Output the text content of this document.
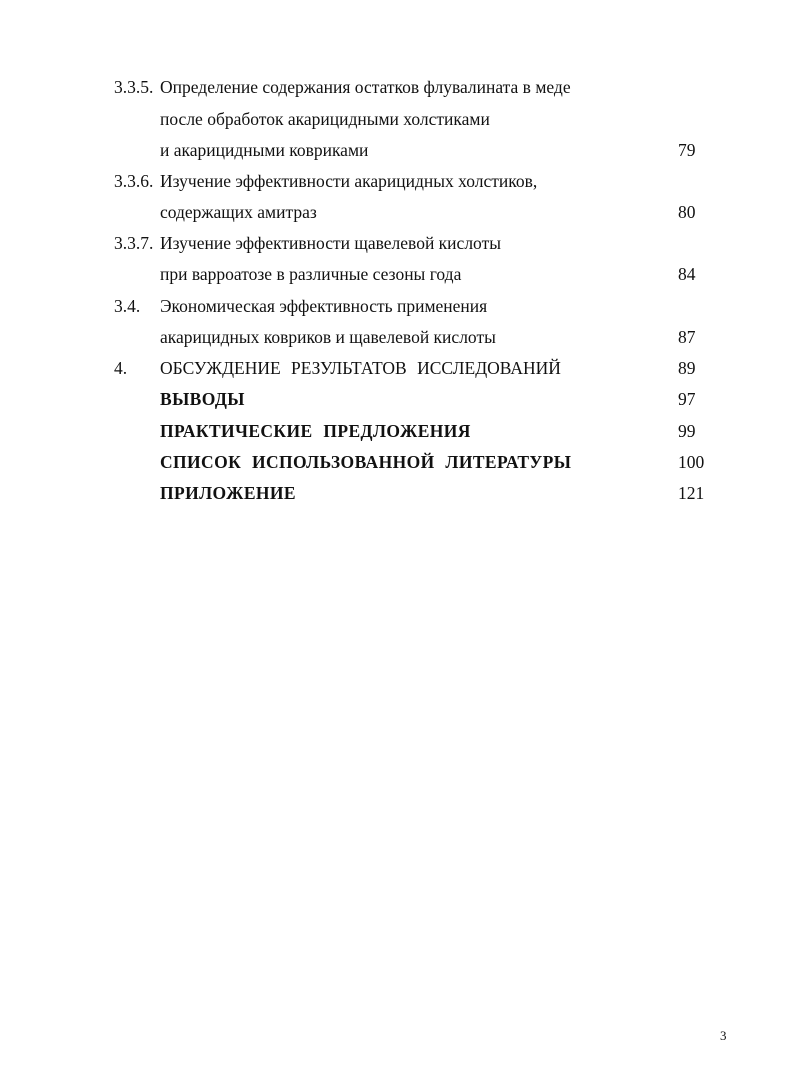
3.3.5. Определение содержания остатков флувалината в меде
после обработок акарицидными холстиками
и акарицидными ковриками	79
3.3.6. Изучение эффективности акарицидных холстиков,
содержащих амитраз	80
3.3.7. Изучение эффективности щавелевой кислоты
при варроатозе в различные сезоны года	84
3.4. Экономическая эффективность применения
акарицидных ковриков и щавелевой кислоты	87
4. ОБСУЖДЕНИЕ РЕЗУЛЬТАТОВ ИССЛЕДОВАНИЙ	89
ВЫВОДЫ	97
ПРАКТИЧЕСКИЕ ПРЕДЛОЖЕНИЯ	99
СПИСОК ИСПОЛЬЗОВАННОЙ ЛИТЕРАТУРЫ	100
ПРИЛОЖЕНИЕ	121
3
